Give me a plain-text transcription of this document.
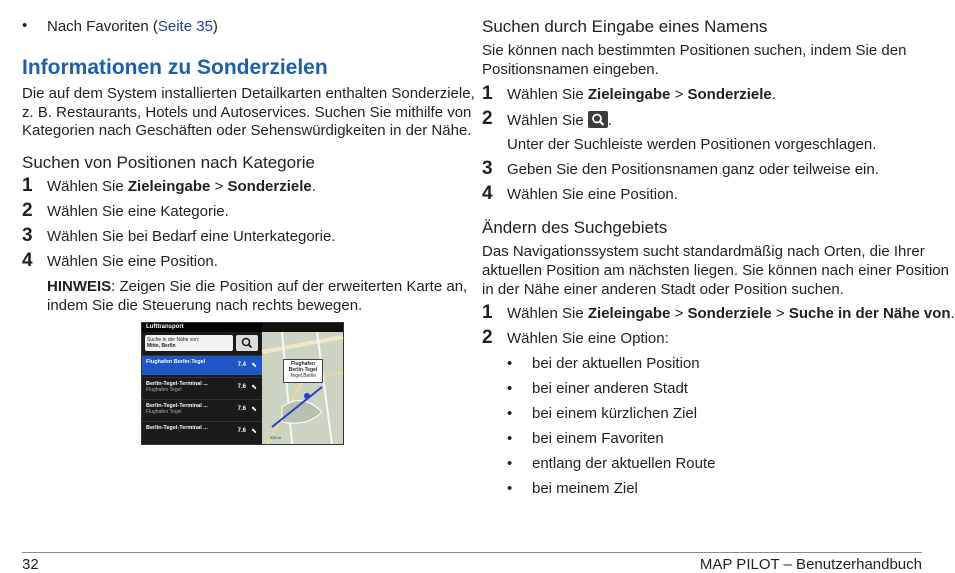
• Nach Favoriten (Seite 35)
Informationen zu Sonderzielen
Die auf dem System installierten Detailkarten enthalten Sonderziele,
z. B. Restaurants, Hotels und Autoservices. Suchen Sie mithilfe von
Kategorien nach Geschäften oder Sehenswürdigkeiten in der Nähe.
Suchen von Positionen nach Kategorie
1 Wählen Sie Zieleingabe > Sonderziele.
2 Wählen Sie eine Kategorie.
3 Wählen Sie bei Bedarf eine Unterkategorie.
4 Wählen Sie eine Position.
HINWEIS: Zeigen Sie die Position auf der erweiterten Karte an,
indem Sie die Steuerung nach rechts bewegen.
Lufttransport
Suche in der Nähe von:
Mitte, Berlin
Flughafen Berlin-Tegel	7.4 ⬉
Berlin-Tegel-Terminal ...
Flughafen Tegel	7.6 ⬉
Berlin-Tegel-Terminal ...
Flughafen Tegel	7.6 ⬉
Berlin-Tegel-Terminal ...	7.6 ⬉
Flughafen
Berlin-Tegel
Tegel,Berlin
300 m
Suchen durch Eingabe eines Namens
Sie können nach bestimmten Positionen suchen, indem Sie den
Positionsnamen eingeben.
1 Wählen Sie Zieleingabe > Sonderziele.
2 Wählen Sie
.
Unter der Suchleiste werden Positionen vorgeschlagen.
3 Geben Sie den Positionsnamen ganz oder teilweise ein.
4 Wählen Sie eine Position.
Ändern des Suchgebiets
Das Navigationssystem sucht standardmäßig nach Orten, die Ihrer
aktuellen Position am nächsten liegen. Sie können nach einer Position
in der Nähe einer anderen Stadt oder Position suchen.
1 Wählen Sie Zieleingabe > Sonderziele > Suche in der Nähe von.
2 Wählen Sie eine Option:
• bei der aktuellen Position
• bei einer anderen Stadt
• bei einem kürzlichen Ziel
• bei einem Favoriten
• entlang der aktuellen Route
• bei meinem Ziel
32	MAP PILOT – Benutzerhandbuch
